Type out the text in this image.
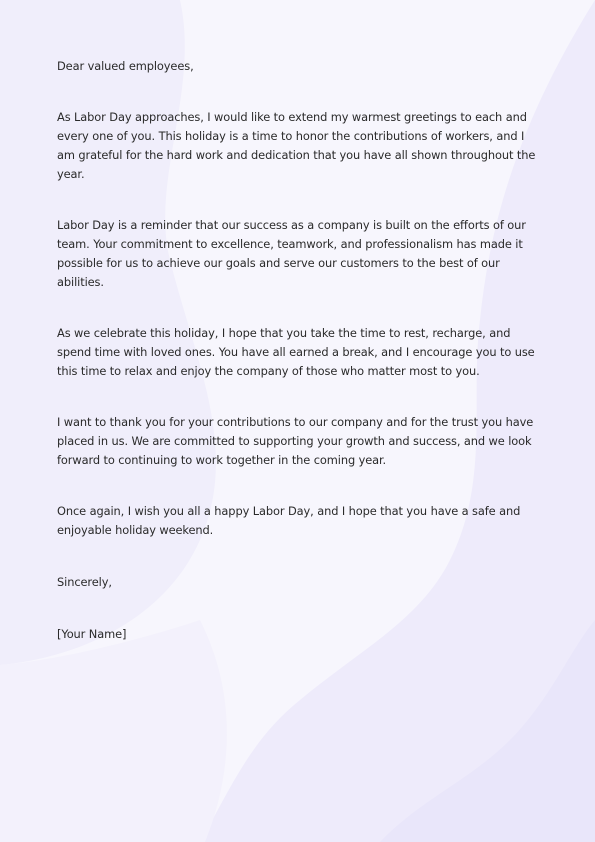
Dear valued employees,

As Labor Day approaches, I would like to extend my warmest greetings to each and every one of you. This holiday is a time to honor the contributions of workers, and I am grateful for the hard work and dedication that you have all shown throughout the year.

Labor Day is a reminder that our success as a company is built on the efforts of our team. Your commitment to excellence, teamwork, and professionalism has made it possible for us to achieve our goals and serve our customers to the best of our abilities.

As we celebrate this holiday, I hope that you take the time to rest, recharge, and spend time with loved ones. You have all earned a break, and I encourage you to use this time to relax and enjoy the company of those who matter most to you.

I want to thank you for your contributions to our company and for the trust you have placed in us. We are committed to supporting your growth and success, and we look forward to continuing to work together in the coming year.

Once again, I wish you all a happy Labor Day, and I hope that you have a safe and enjoyable holiday weekend.

Sincerely,

[Your Name]
